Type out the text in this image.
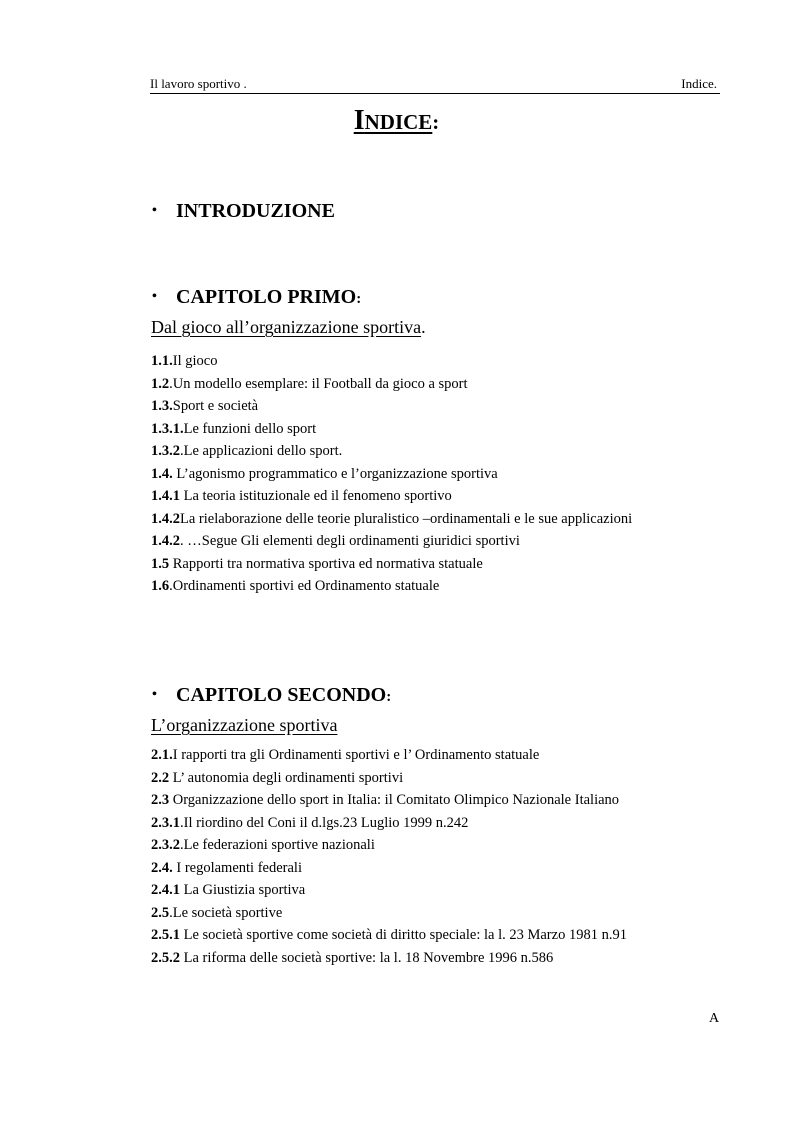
Il lavoro sportivo .	Indice.
INDICE:
• INTRODUZIONE
• CAPITOLO PRIMO:
Dal gioco all’organizzazione sportiva.
1.1.Il gioco
1.2.Un modello esemplare: il Football da gioco a sport
1.3.Sport e società
1.3.1.Le funzioni dello sport
1.3.2.Le applicazioni dello sport.
1.4. L’agonismo programmatico e l’organizzazione sportiva
1.4.1 La teoria istituzionale ed il fenomeno sportivo
1.4.2La rielaborazione delle teorie pluralistico –ordinamentali e le sue applicazioni
1.4.2. …Segue Gli elementi degli ordinamenti giuridici sportivi
1.5 Rapporti tra normativa sportiva ed normativa statuale
1.6.Ordinamenti sportivi ed Ordinamento statuale
• CAPITOLO SECONDO:
L’organizzazione sportiva
2.1.I rapporti tra gli Ordinamenti sportivi e l’ Ordinamento statuale
2.2 L’ autonomia degli ordinamenti sportivi
2.3 Organizzazione dello sport in Italia: il Comitato Olimpico Nazionale Italiano
2.3.1.Il riordino del Coni il d.lgs.23 Luglio 1999 n.242
2.3.2.Le federazioni sportive nazionali
2.4. I regolamenti federali
2.4.1 La Giustizia sportiva
2.5.Le società sportive
2.5.1 Le società sportive come società di diritto speciale: la l. 23 Marzo 1981 n.91
2.5.2 La riforma delle società sportive: la l. 18 Novembre 1996 n.586
A
